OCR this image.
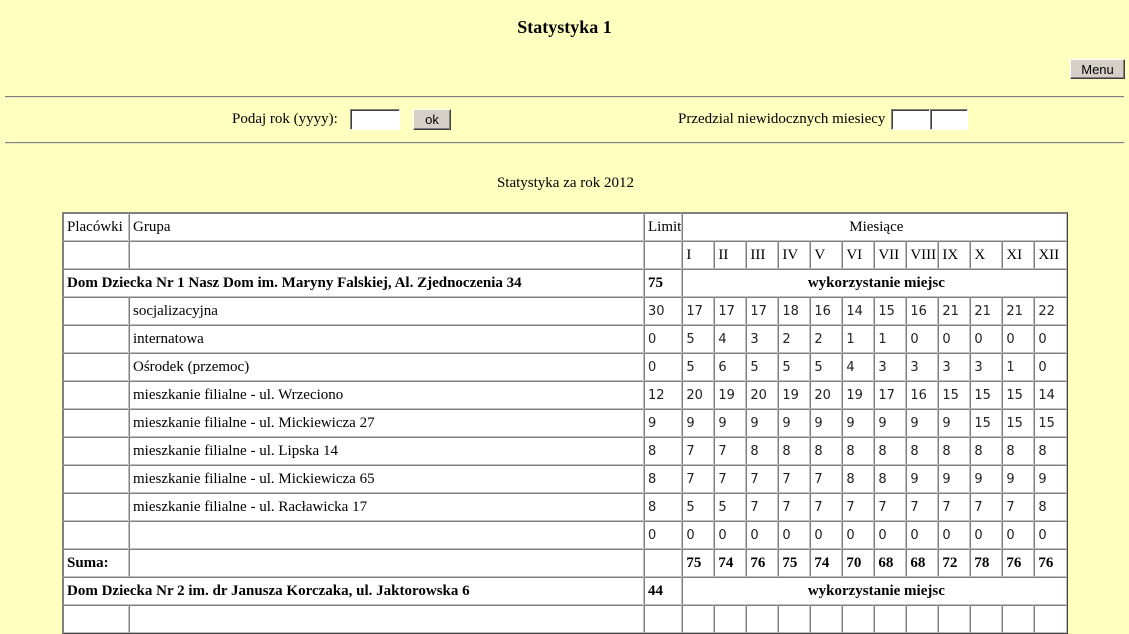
Statystyka 1
Menu
Podaj rok (yyyy):	ok	Przedzial niewidocznych miesiecy
Statystyka za rok 2012
Placówki	Grupa	Limit	Miesiące											
			I	II	III	IV	V	VI	VII	VIII	IX	X	XI	XII
Dom Dziecka Nr 1 Nasz Dom im. Maryny Falskiej, Al. Zjednoczenia 34		75	wykorzystanie miejsc											
	socjalizacyjna	30	17	17	17	18	16	14	15	16	21	21	21	22
	internatowa	0	5	4	3	2	2	1	1	0	0	0	0	0
	Ośrodek (przemoc)	0	5	6	5	5	5	4	3	3	3	3	1	0
	mieszkanie filialne - ul. Wrzeciono	12	20	19	20	19	20	19	17	16	15	15	15	14
	mieszkanie filialne - ul. Mickiewicza 27	9	9	9	9	9	9	9	9	9	9	15	15	15
	mieszkanie filialne - ul. Lipska 14	8	7	7	8	8	8	8	8	8	8	8	8	8
	mieszkanie filialne - ul. Mickiewicza 65	8	7	7	7	7	7	8	8	9	9	9	9	9
	mieszkanie filialne - ul. Racławicka 17	8	5	5	7	7	7	7	7	7	7	7	7	8
		0	0	0	0	0	0	0	0	0	0	0	0	0
Suma:			75	74	76	75	74	70	68	68	72	78	76	76
Dom Dziecka Nr 2 im. dr Janusza Korczaka, ul. Jaktorowska 6		44	wykorzystanie miejsc											
